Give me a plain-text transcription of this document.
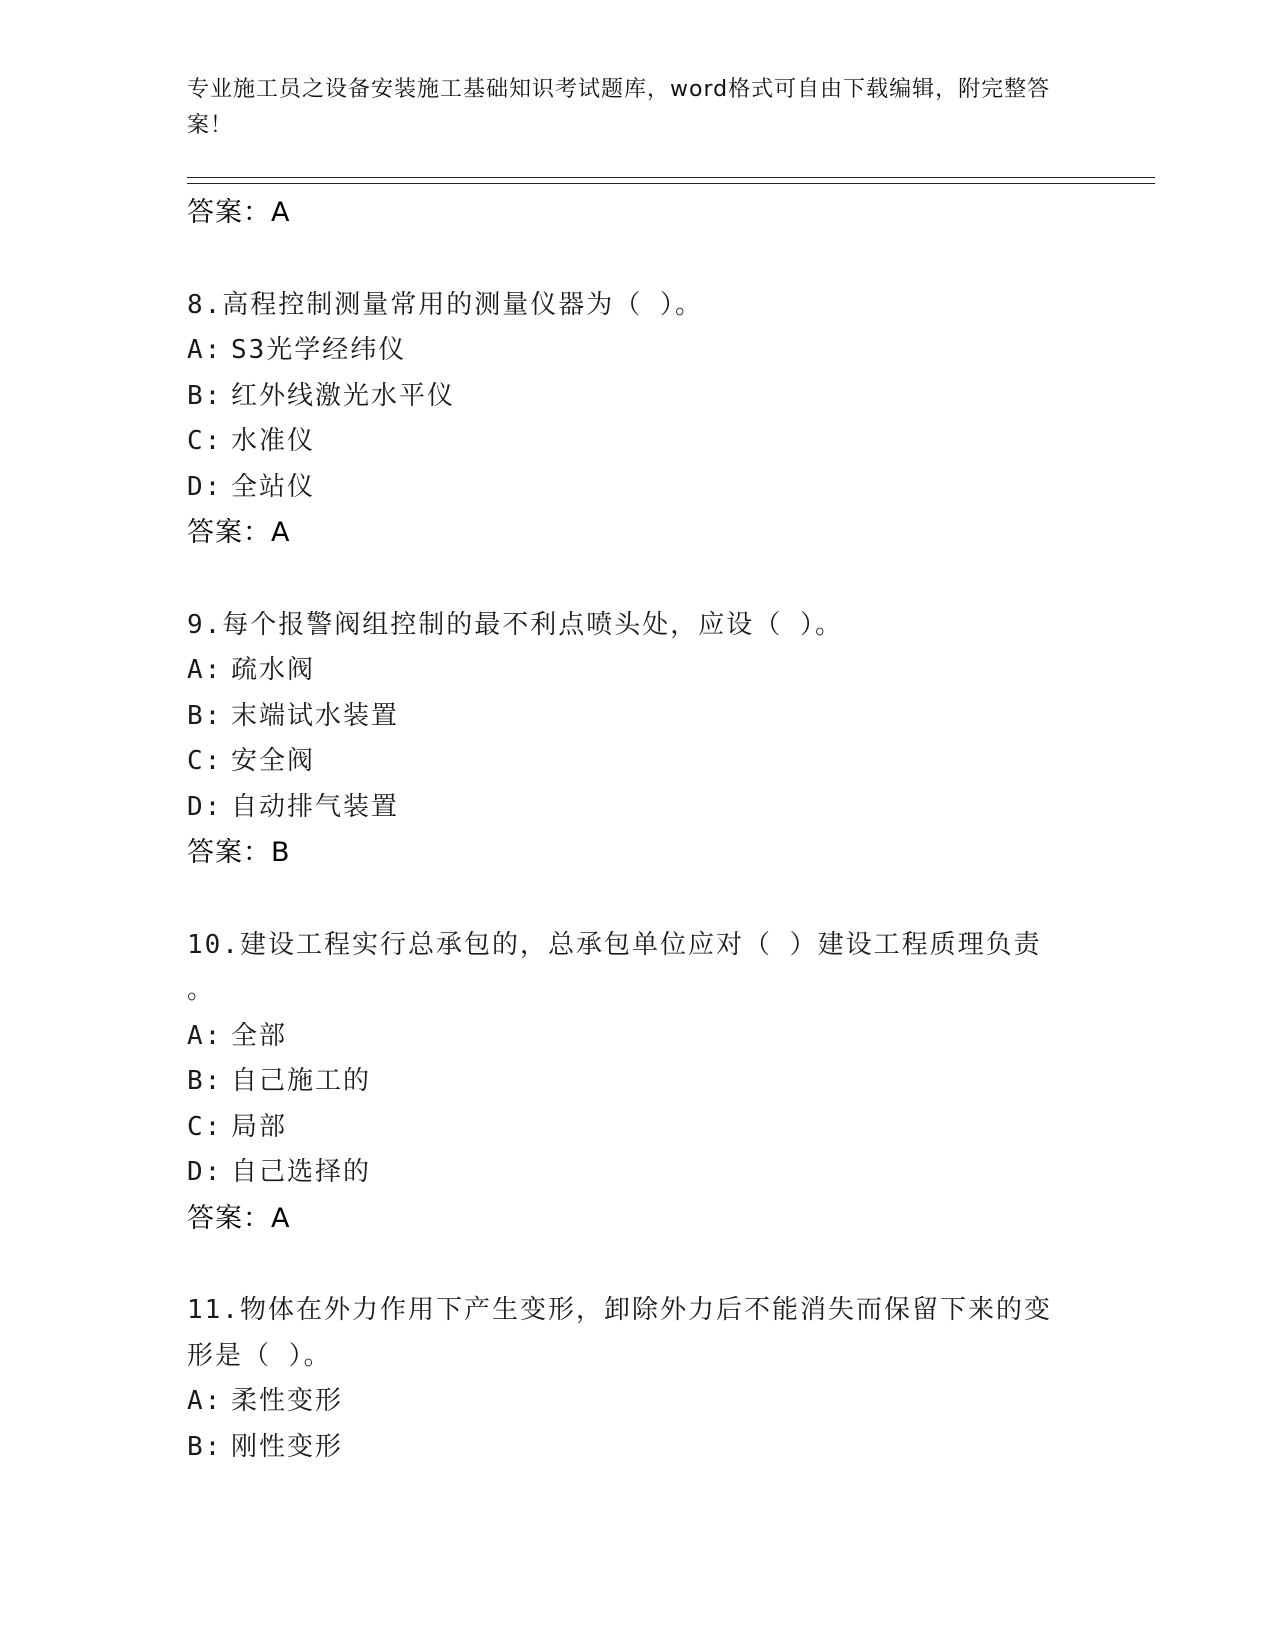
专业施工员之设备安装施工基础知识考试题库，word格式可自由下载编辑，附完整答案！
答案：A
8.高程控制测量常用的测量仪器为（ ）。
A: S3光学经纬仪
B: 红外线激光水平仪
C: 水准仪
D: 全站仪
答案：A
9.每个报警阀组控制的最不利点喷头处，应设（ ）。
A: 疏水阀
B: 末端试水装置
C: 安全阀
D: 自动排气装置
答案：B
10.建设工程实行总承包的，总承包单位应对（ ）建设工程质理负责
。
A: 全部
B: 自己施工的
C: 局部
D: 自己选择的
答案：A
11.物体在外力作用下产生变形，卸除外力后不能消失而保留下来的变
形是（ ）。
A: 柔性变形
B: 刚性变形
